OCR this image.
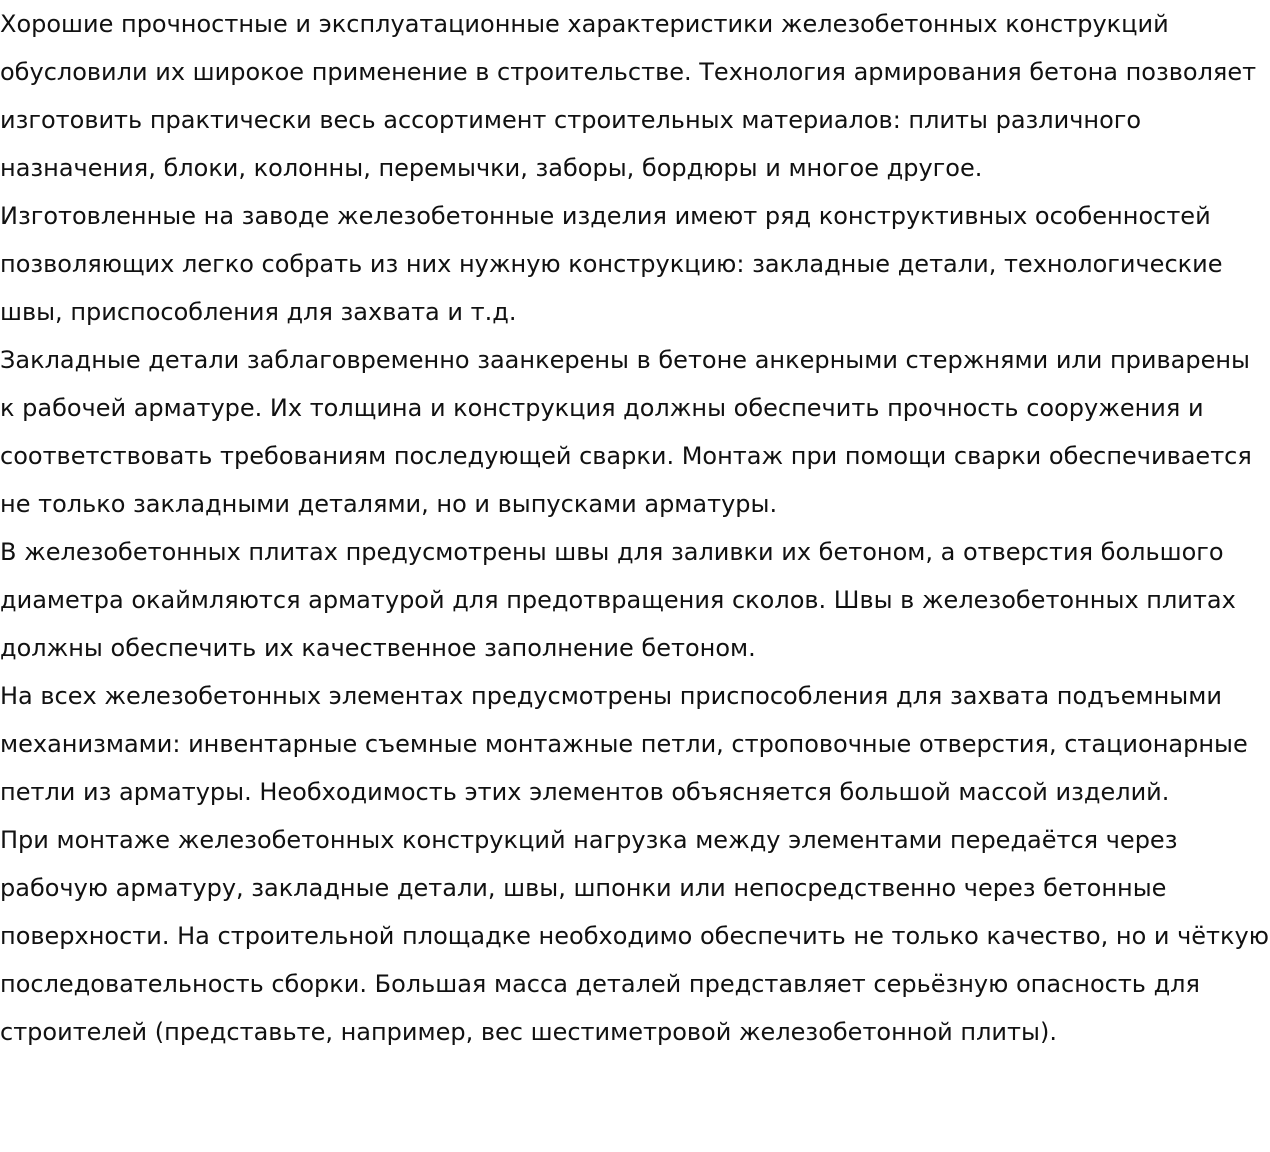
Хорошие прочностные и эксплуатационные характеристики железобетонных конструкций обусловили их широкое применение в строительстве. Технология армирования бетона позволяет изготовить практически весь ассортимент строительных материалов: плиты различного назначения, блоки, колонны, перемычки, заборы, бордюры и многое другое.

Изготовленные на заводе железобетонные изделия имеют ряд конструктивных особенностей позволяющих легко собрать из них нужную конструкцию: закладные детали, технологические швы, приспособления для захвата и т.д.

Закладные детали заблаговременно заанкерены в бетоне анкерными стержнями или приварены к рабочей арматуре. Их толщина и конструкция должны обеспечить прочность сооружения и соответствовать требованиям последующей сварки. Монтаж при помощи сварки обеспечивается не только закладными деталями, но и выпусками арматуры.

В железобетонных плитах предусмотрены швы для заливки их бетоном, а отверстия большого диаметра окаймляются арматурой для предотвращения сколов. Швы в железобетонных плитах должны обеспечить их качественное заполнение бетоном.

На всех железобетонных элементах предусмотрены приспособления для захвата подъемными механизмами: инвентарные съемные монтажные петли, строповочные отверстия, стационарные петли из арматуры. Необходимость этих элементов объясняется большой массой изделий.

При монтаже железобетонных конструкций нагрузка между элементами передаётся через рабочую арматуру, закладные детали, швы, шпонки или непосредственно через бетонные поверхности. На строительной площадке необходимо обеспечить не только качество, но и чёткую последовательность сборки. Большая масса деталей представляет серьёзную опасность для строителей (представьте, например, вес шестиметровой железобетонной плиты).
